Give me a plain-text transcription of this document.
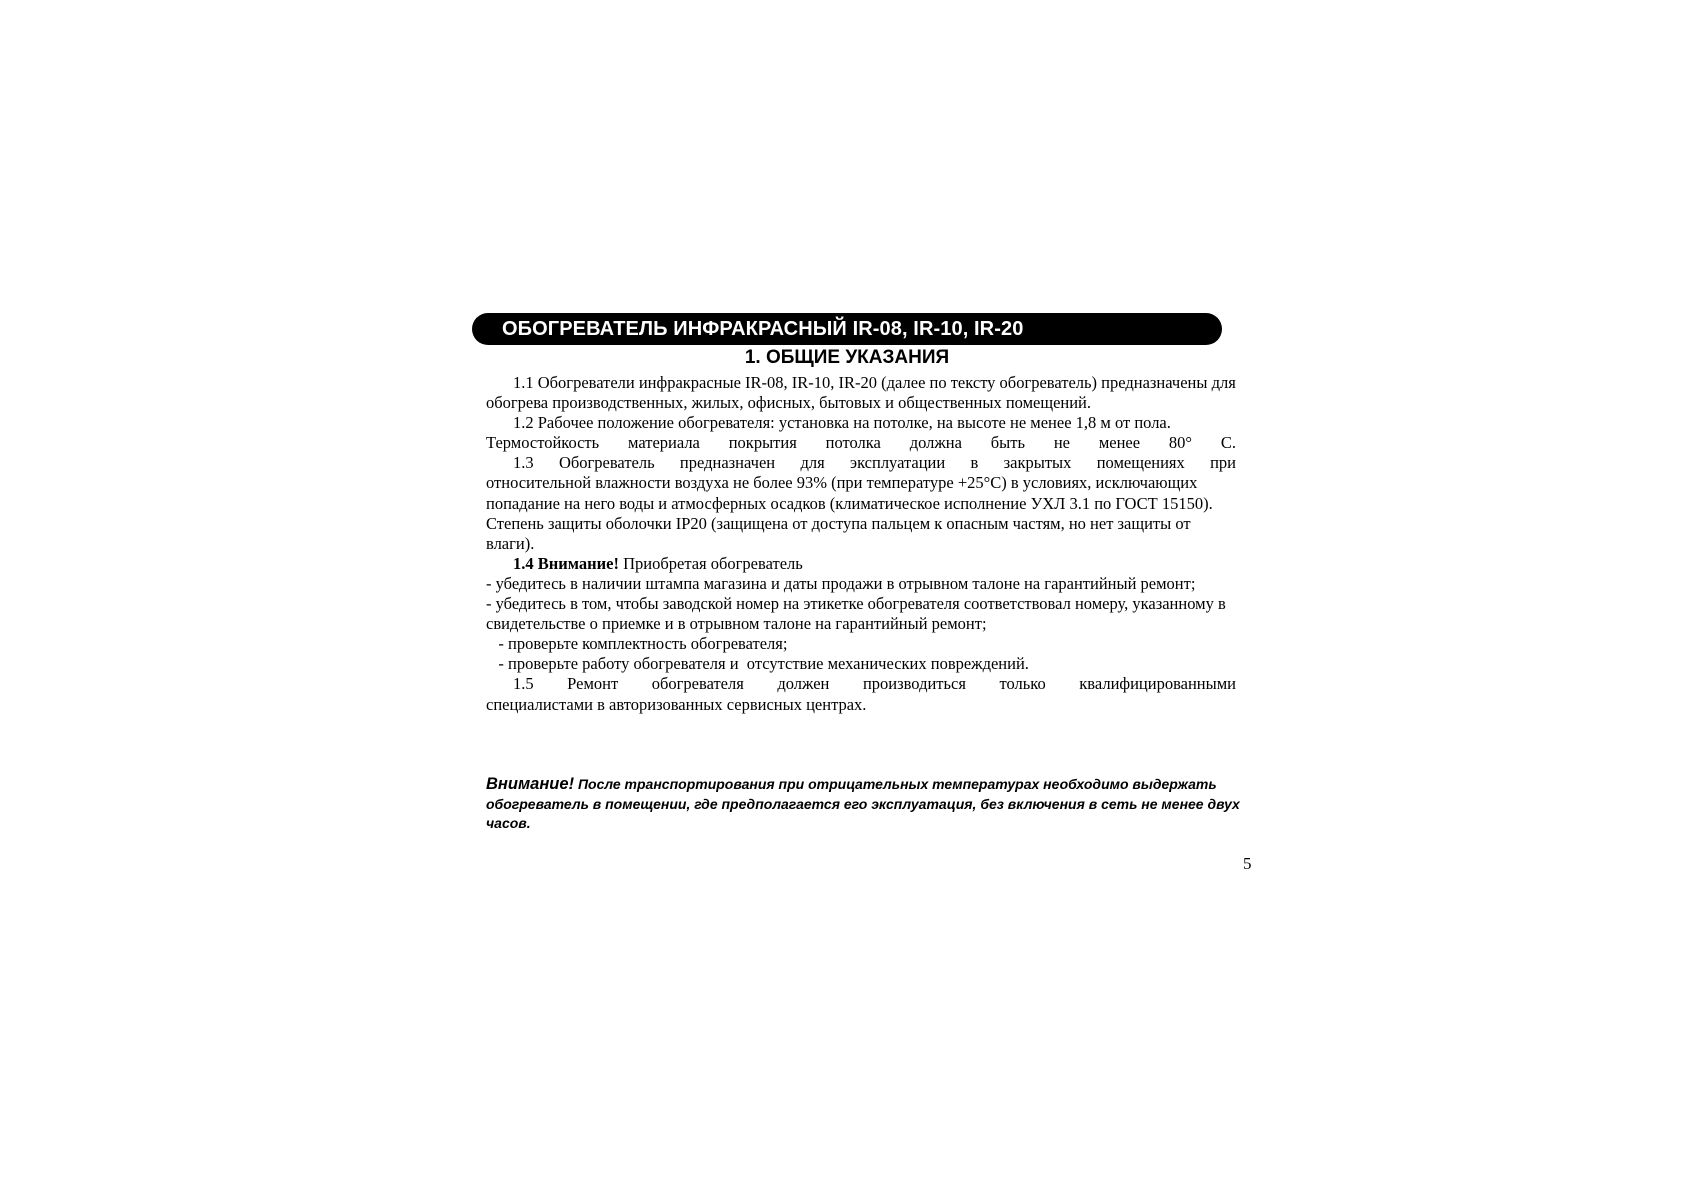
ОБОГРЕВАТЕЛЬ ИНФРАКРАСНЫЙ IR-08, IR-10, IR-20
1. ОБЩИЕ УКАЗАНИЯ

1.1 Обогреватели инфракрасные IR-08, IR-10, IR-20 (далее по тексту обогреватель) предназначены для обогрева производственных, жилых, офисных, бытовых и общественных помещений.

1.2 Рабочее положение обогревателя: установка на потолке, на высоте не менее 1,8 м от пола.

Термостойкость материала покрытия потолка должна быть не менее 80° С.

1.3 Обогреватель предназначен для эксплуатации в закрытых помещениях при

относительной влажности воздуха не более 93% (при температуре +25°С) в условиях, исключающих попадание на него воды и атмосферных осадков (климатическое исполнение УХЛ 3.1 по ГОСТ 15150). Степень защиты оболочки IP20 (защищена от доступа пальцем к опасным частям, но нет защиты от влаги).

1.4 Внимание! Приобретая обогреватель

- убедитесь в наличии штампа магазина и даты продажи в отрывном талоне на гарантийный ремонт;

- убедитесь в том, чтобы заводской номер на этикетке обогревателя соответствовал номеру, указанному в свидетельстве о приемке и в отрывном талоне на гарантийный ремонт;

- проверьте комплектность обогревателя;

- проверьте работу обогревателя и  отсутствие механических повреждений.

1.5 Ремонт обогревателя должен производиться только квалифицированными

специалистами в авторизованных сервисных центрах.

Внимание! После транспортирования при отрицательных температурах необходимо выдержать обогреватель в помещении, где предполагается его эксплуатация, без включения в сеть не менее двух часов.
5
